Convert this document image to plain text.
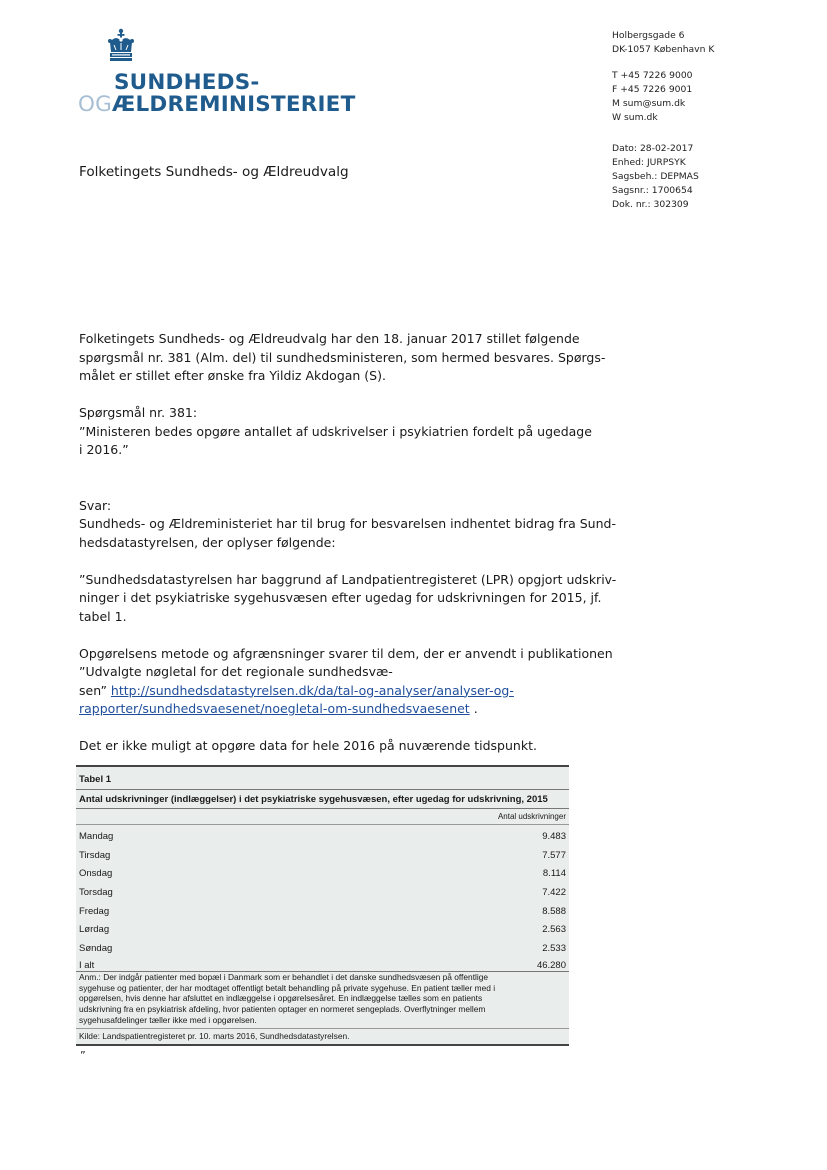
SUNDHEDS-
OGÆLDREMINISTERIET
Holbergsgade 6
DK-1057 København K
T +45 7226 9000
F +45 7226 9001
M sum@sum.dk
W sum.dk
Dato: 28-02-2017
Enhed: JURPSYK
Sagsbeh.: DEPMAS
Sagsnr.: 1700654
Dok. nr.: 302309
Folketingets Sundheds- og Ældreudvalg
Folketingets Sundheds- og Ældreudvalg har den 18. januar 2017 stillet følgende
spørgsmål nr. 381 (Alm. del) til sundhedsministeren, som hermed besvares. Spørgs-
målet er stillet efter ønske fra Yildiz Akdogan (S).
Spørgsmål nr. 381:
”Ministeren bedes opgøre antallet af udskrivelser i psykiatrien fordelt på ugedage
i 2016.”
Svar:
Sundheds- og Ældreministeriet har til brug for besvarelsen indhentet bidrag fra Sund-
hedsdatastyrelsen, der oplyser følgende:
”Sundhedsdatastyrelsen har baggrund af Landpatientregisteret (LPR) opgjort udskriv-
ninger i det psykiatriske sygehusvæsen efter ugedag for udskrivningen for 2015, jf.
tabel 1.
Opgørelsens metode og afgrænsninger svarer til dem, der er anvendt i publikationen
”Udvalgte nøgletal for det regionale sundhedsvæ-
sen” http://sundhedsdatastyrelsen.dk/da/tal-og-analyser/analyser-og-
rapporter/sundhedsvaesenet/noegletal-om-sundhedsvaesenet .
Det er ikke muligt at opgøre data for hele 2016 på nuværende tidspunkt.
Tabel 1
Antal udskrivninger (indlæggelser) i det psykiatriske sygehusvæsen, efter ugedag for udskrivning, 2015
Antal udskrivninger
Mandag	9.483
Tirsdag	7.577
Onsdag	8.114
Torsdag	7.422
Fredag	8.588
Lørdag	2.563
Søndag	2.533
I alt	46.280
Anm.: Der indgår patienter med bopæl i Danmark som er behandlet i det danske sundhedsvæsen på offentlige
sygehuse og patienter, der har modtaget offentligt betalt behandling på private sygehuse. En patient tæller med i
opgørelsen, hvis denne har afsluttet en indlæggelse i opgørelsesåret. En indlæggelse tælles som en patients
udskrivning fra en psykiatrisk afdeling, hvor patienten optager en normeret sengeplads. Overflytninger mellem
sygehusafdelinger tæller ikke med i opgørelsen.
Kilde: Landspatientregisteret pr. 10. marts 2016, Sundhedsdatastyrelsen.
”
